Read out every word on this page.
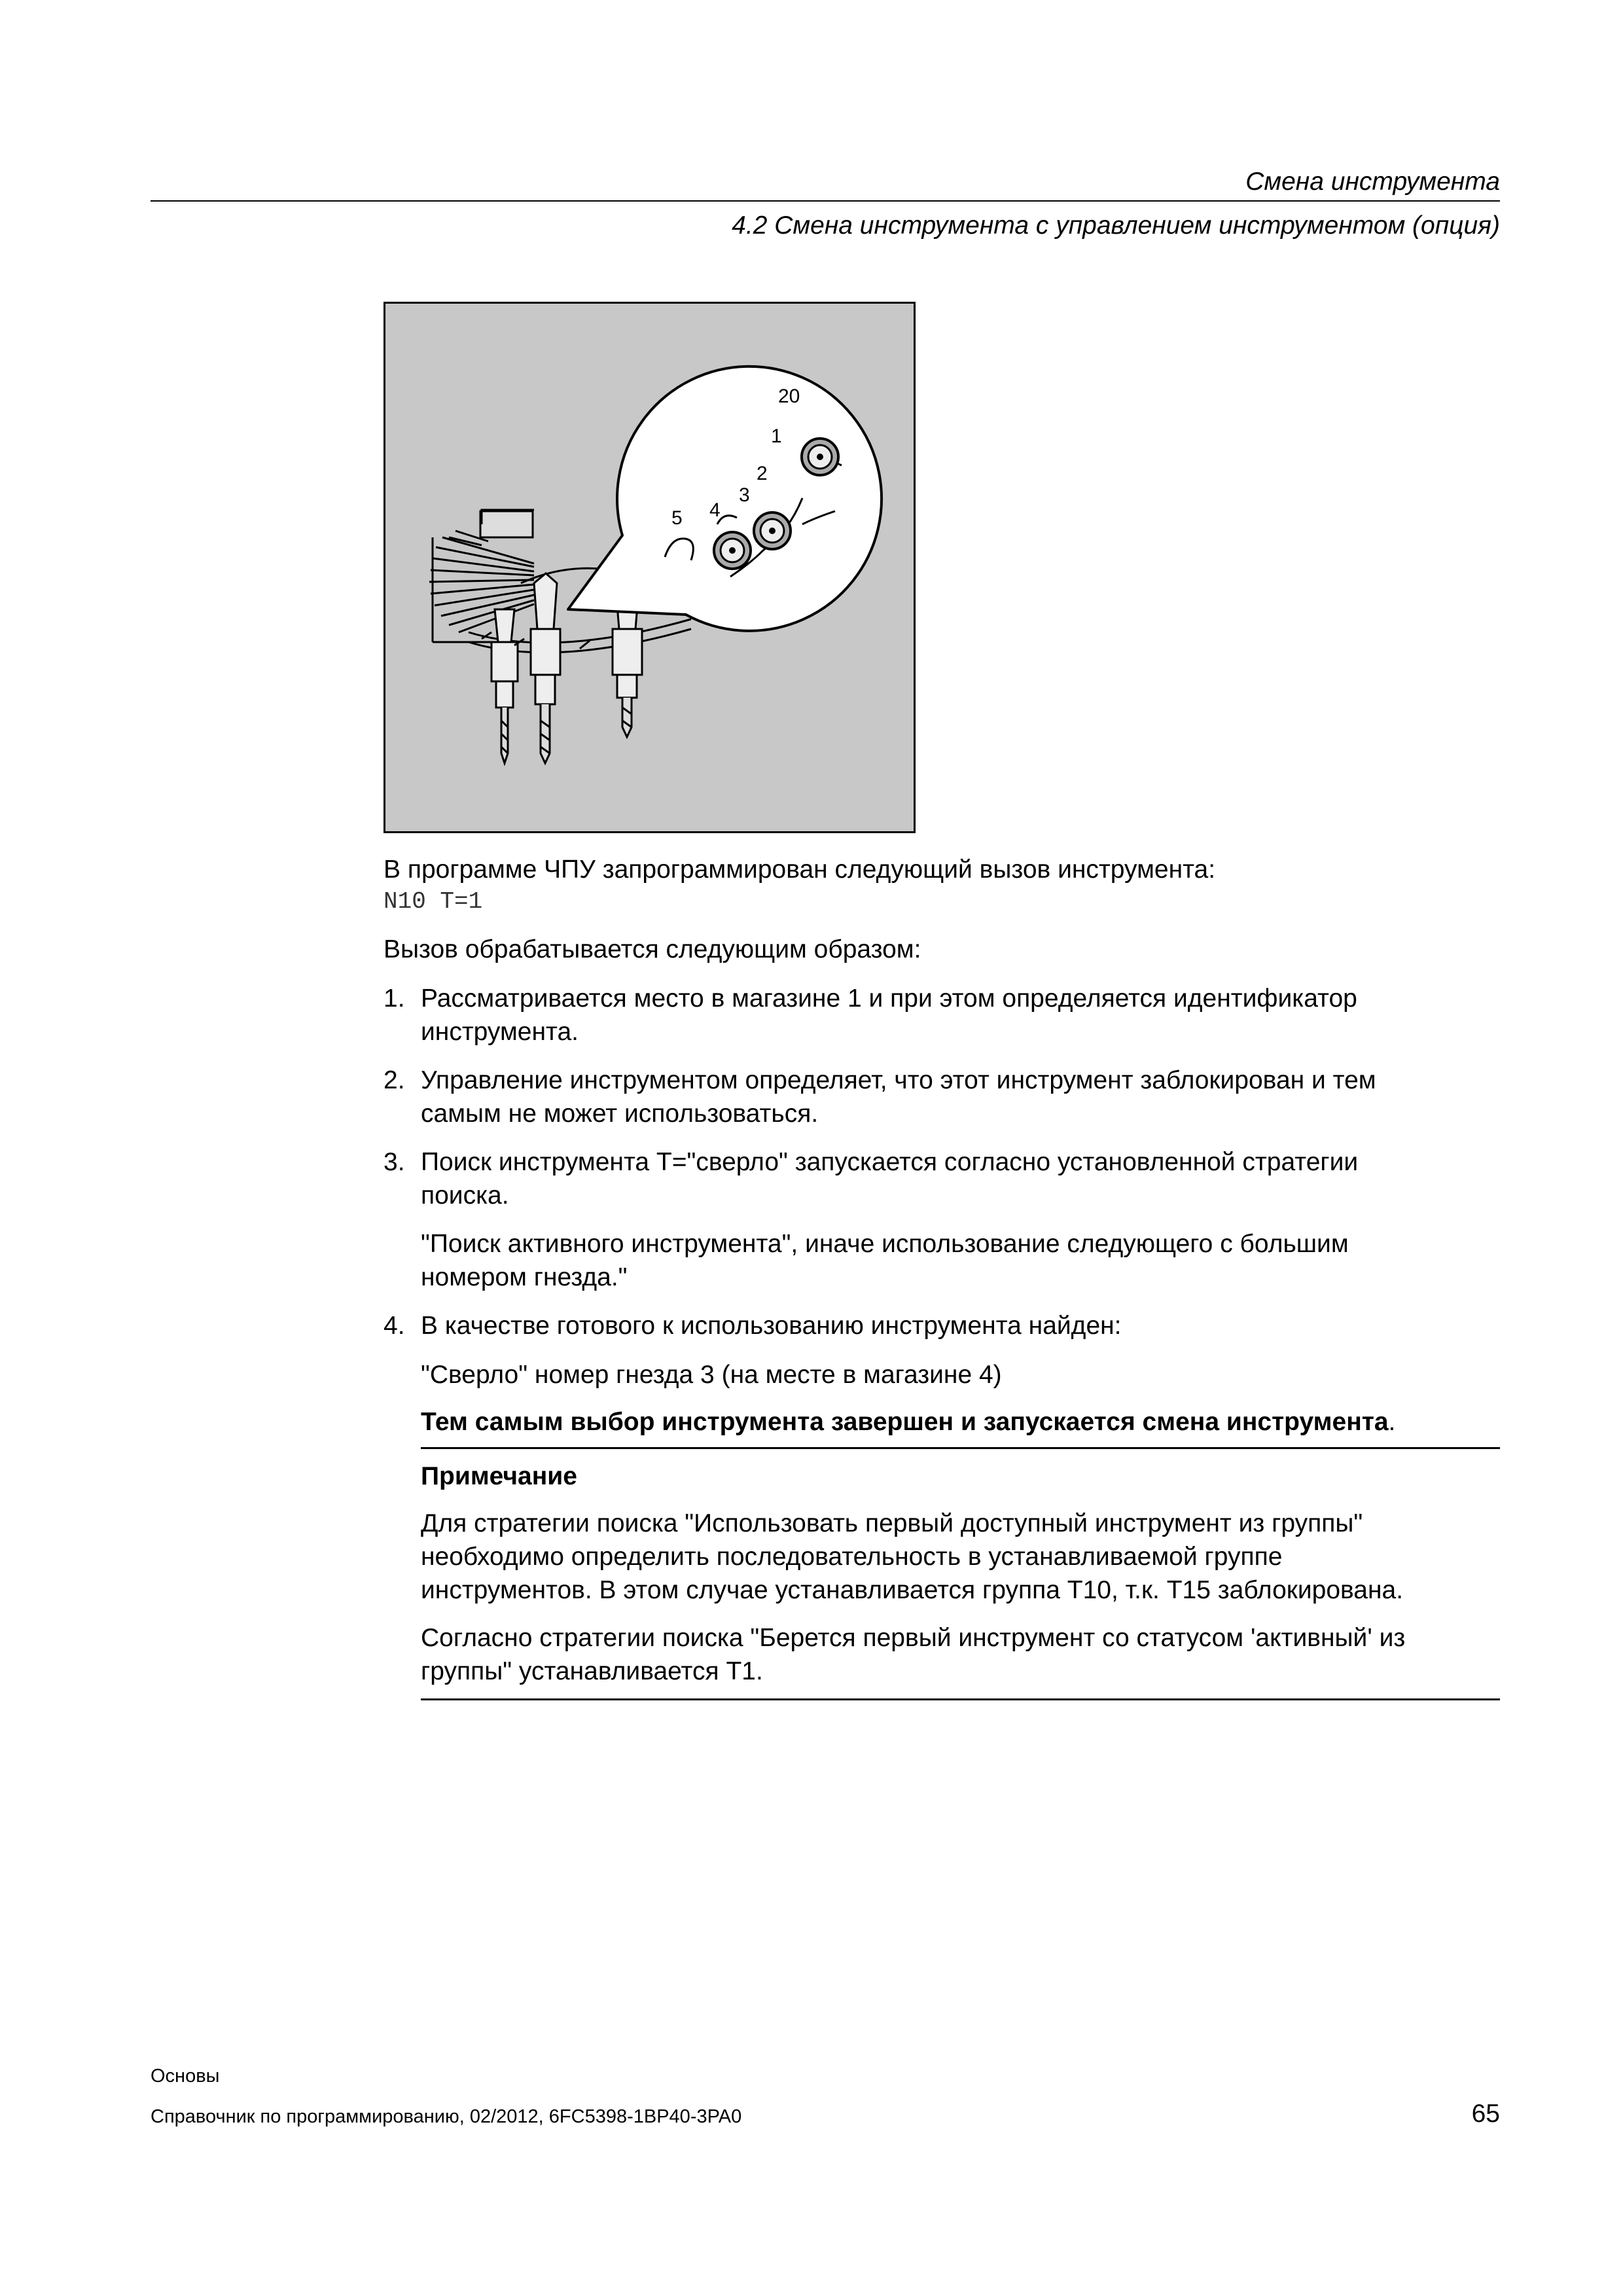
Смена инструмента
4.2 Смена инструмента с управлением инструментом (опция)
20
1
2
3
4
5
В программе ЧПУ запрограммирован следующий вызов инструмента:
N10 T=1
Вызов обрабатывается следующим образом:
1. Рассматривается место в магазине 1 и при этом определяется идентификатор
инструмента.
2. Управление инструментом определяет, что этот инструмент заблокирован и тем
самым не может использоваться.
3. Поиск инструмента T="сверло" запускается согласно установленной стратегии
поиска.
"Поиск активного инструмента", иначе использование следующего с большим
номером гнезда."
4. В качестве готового к использованию инструмента найден:
"Сверло" номер гнезда 3 (на месте в магазине 4)
Тем самым выбор инструмента завершен и запускается смена инструмента.
Примечание
Для стратегии поиска "Использовать первый доступный инструмент из группы"
необходимо определить последовательность в устанавливаемой группе
инструментов. В этом случае устанавливается группа T10, т.к. T15 заблокирована.
Согласно стратегии поиска "Берется первый инструмент со статусом 'активный' из
группы" устанавливается T1.
Основы
Справочник по программированию, 02/2012, 6FC5398-1BP40-3PA0	65
